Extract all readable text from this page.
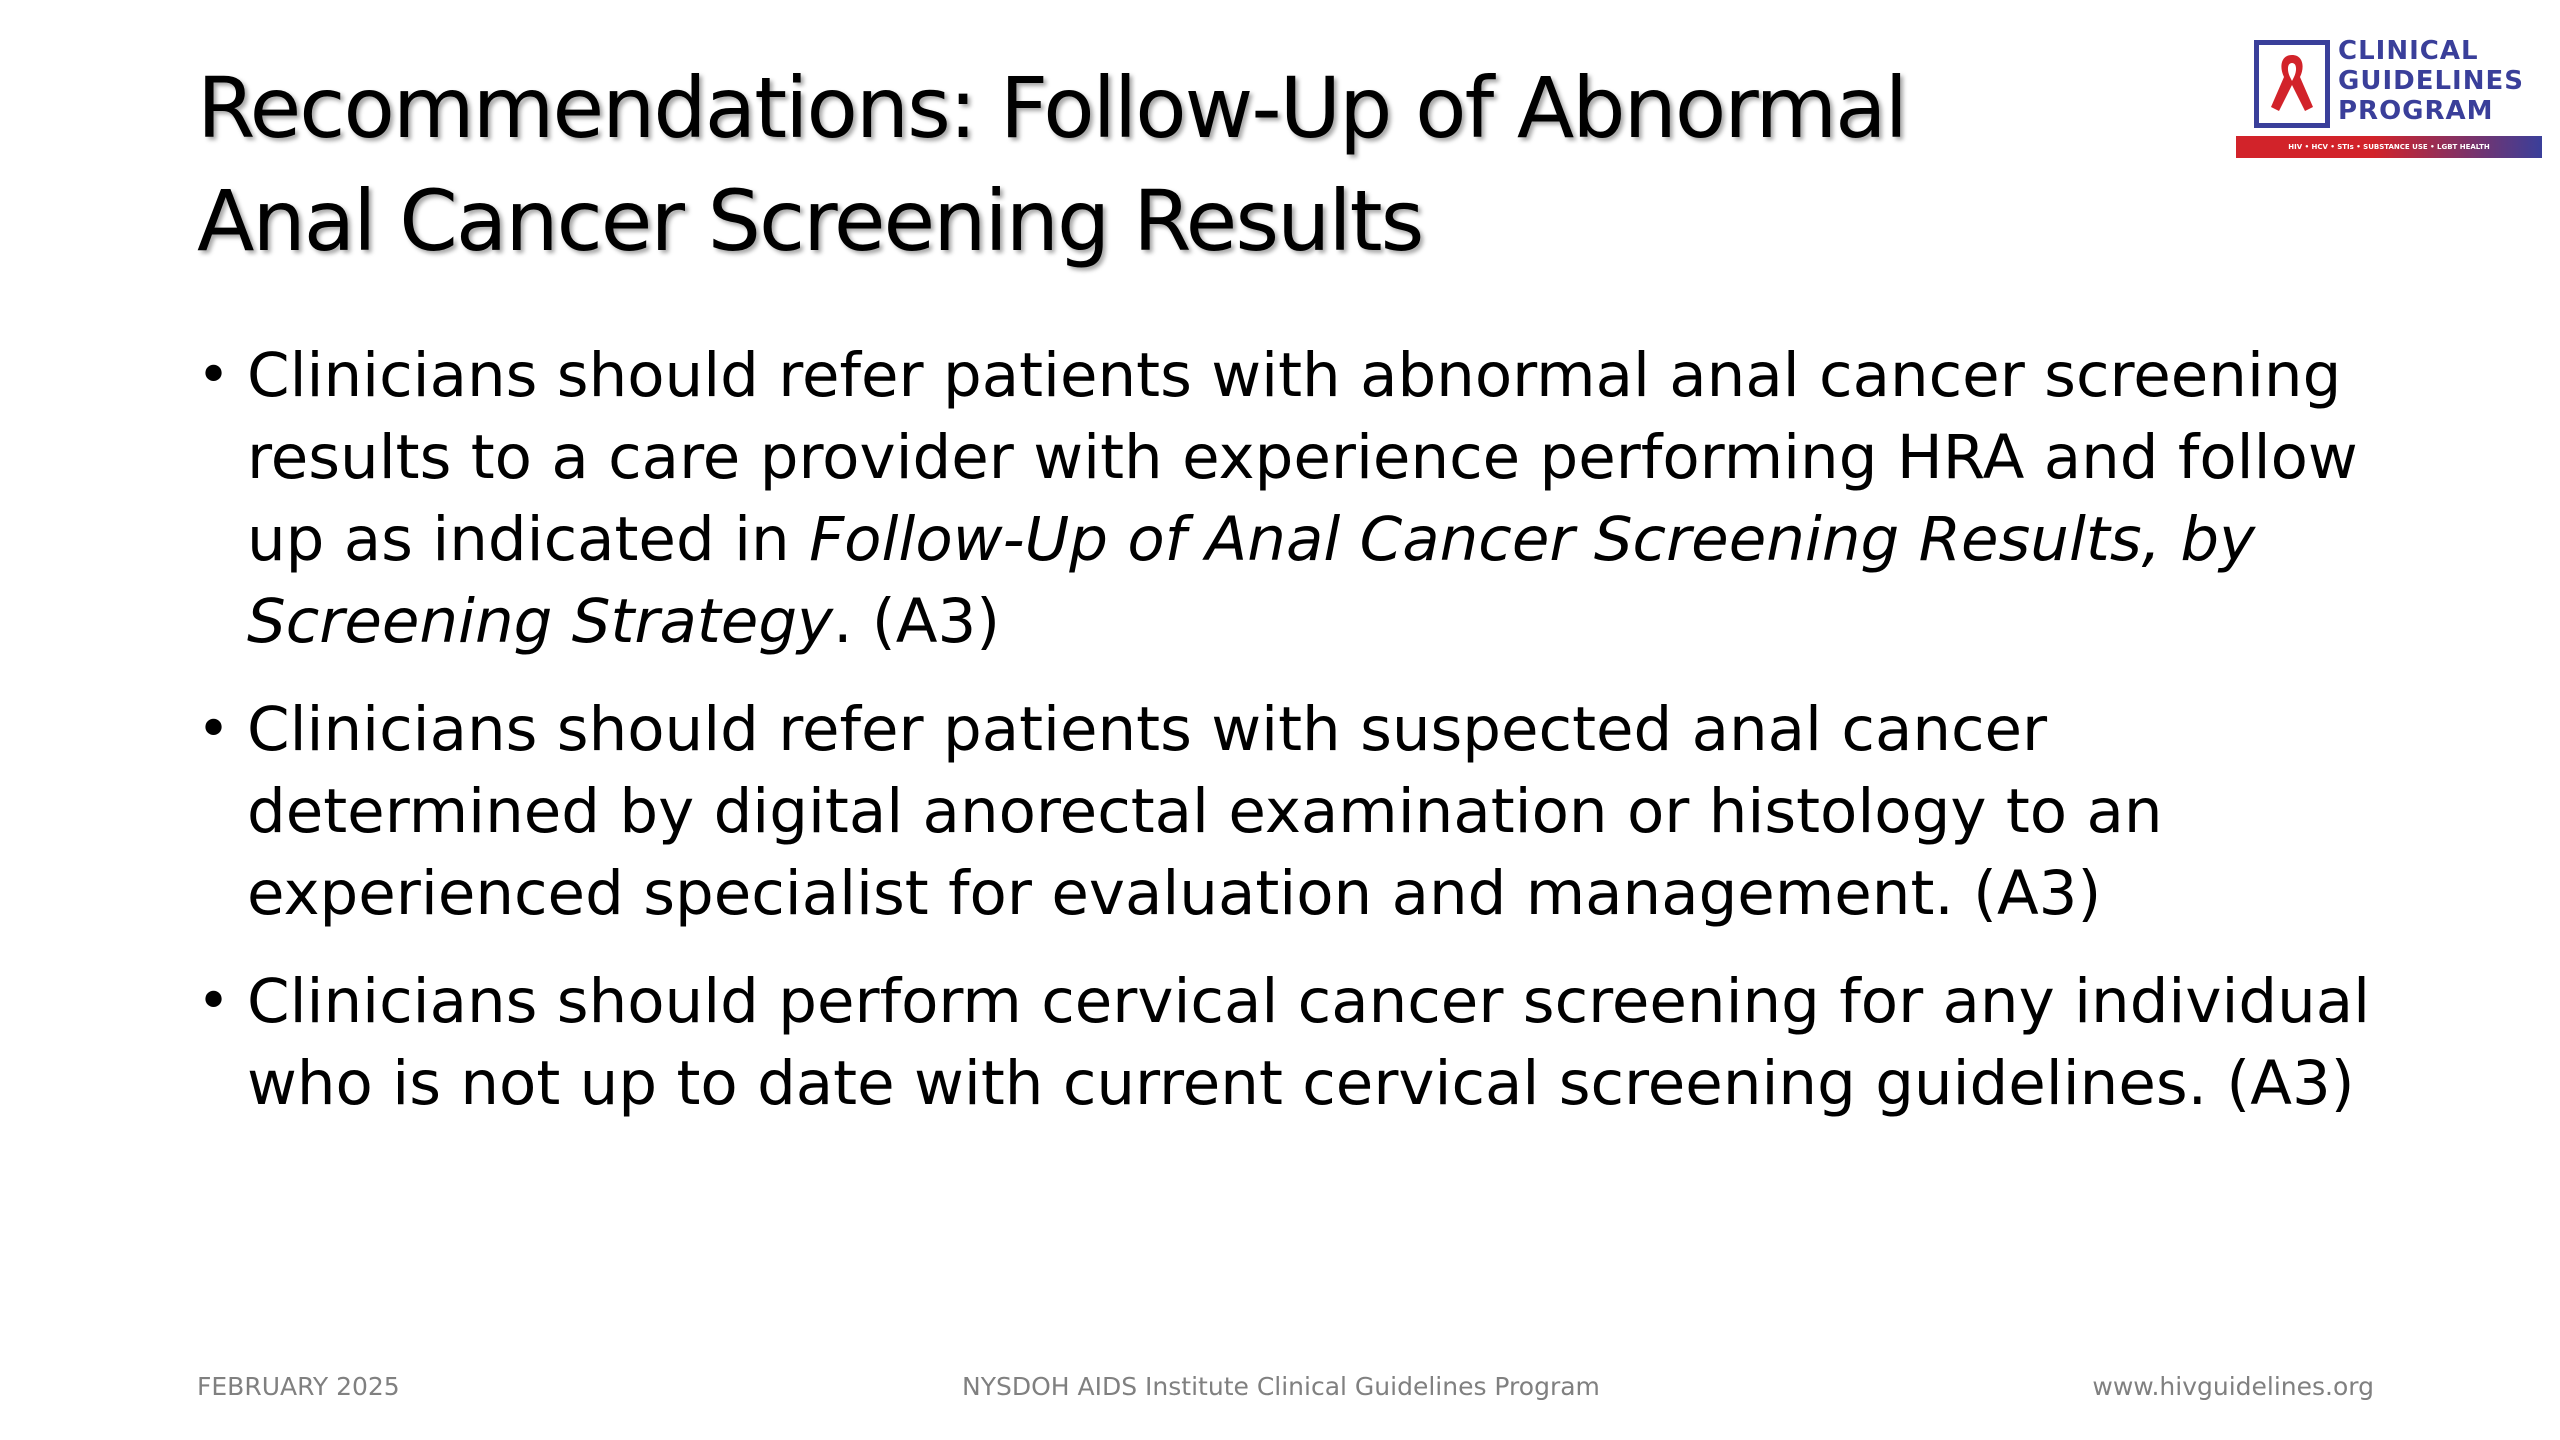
Recommendations: Follow-Up of Abnormal
Anal Cancer Screening Results
CLINICAL
GUIDELINES
PROGRAM
HIV • HCV • STIs • SUBSTANCE USE • LGBT HEALTH
• Clinicians should refer patients with abnormal anal cancer screening
results to a care provider with experience performing HRA and follow
up as indicated in Follow-Up of Anal Cancer Screening Results, by
Screening Strategy. (A3)
• Clinicians should refer patients with suspected anal cancer
determined by digital anorectal examination or histology to an
experienced specialist for evaluation and management. (A3)
• Clinicians should perform cervical cancer screening for any individual
who is not up to date with current cervical screening guidelines. (A3)
FEBRUARY 2025	NYSDOH AIDS Institute Clinical Guidelines Program	www.hivguidelines.org
